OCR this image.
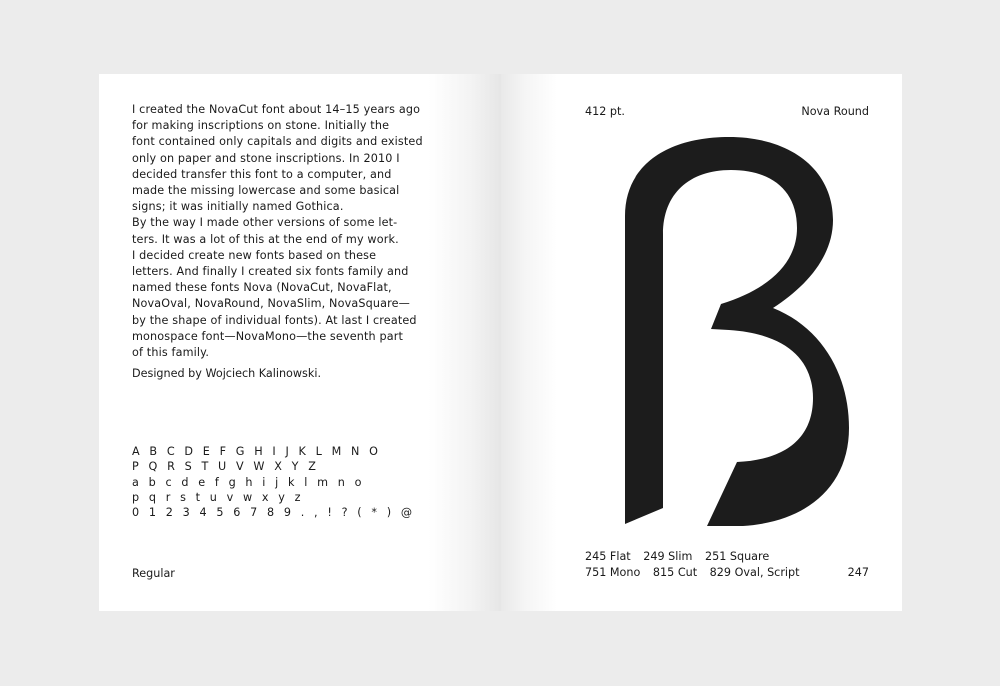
I created the NovaCut font about 14–15 years ago
for making inscriptions on stone. Initially the
font contained only capitals and digits and existed
only on paper and stone inscriptions. In 2010 I
decided transfer this font to a computer, and
made the missing lowercase and some basical
signs; it was initially named Gothica.
By the way I made other versions of some let-
ters. It was a lot of this at the end of my work.
I decided create new fonts based on these
letters. And finally I created six fonts family and
named these fonts Nova (NovaCut, NovaFlat,
NovaOval, NovaRound, NovaSlim, NovaSquare—
by the shape of individual fonts). At last I created
monospace font—NovaMono—the seventh part
of this family.
Designed by Wojciech Kalinowski.
A B C D E F G H I J K L M N O
P Q R S T U V W X Y Z
a b c d e f g h i j k l m n o
p q r s t u v w x y z
0 1 2 3 4 5 6 7 8 9 . , ! ? ( * ) @
Regular
412 pt.	Nova Round
245 Flat 249 Slim 251 Square
751 Mono 815 Cut 829 Oval, Script	247
